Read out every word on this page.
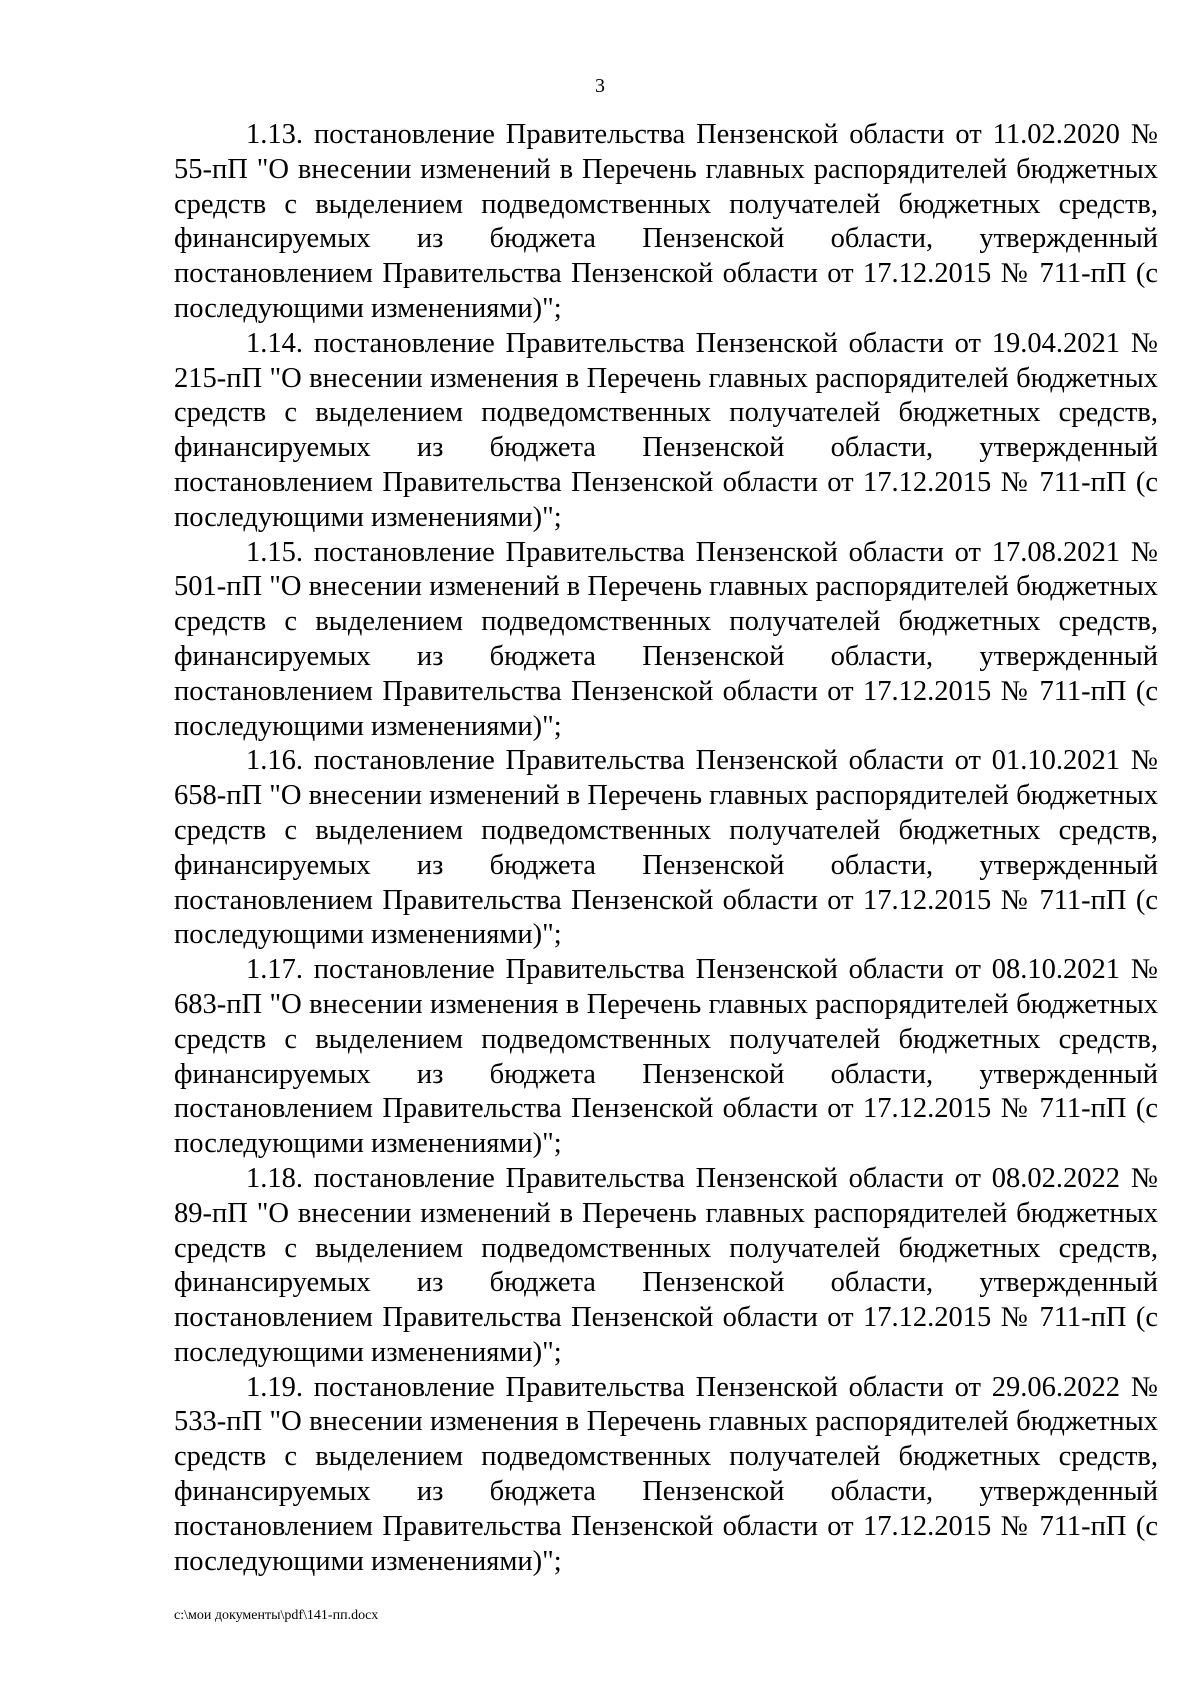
3

1.13. постановление Правительства Пензенской области от 11.02.2020 № 55-пП "О внесении изменений в Перечень главных распорядителей бюджетных средств с выделением подведомственных получателей бюджетных средств, финансируемых из бюджета Пензенской области, утвержденный постановлением Правительства Пензенской области от 17.12.2015 № 711-пП (с последующими изменениями)";

1.14. постановление Правительства Пензенской области от 19.04.2021 № 215-пП "О внесении изменения в Перечень главных распорядителей бюджетных средств с выделением подведомственных получателей бюджетных средств, финансируемых из бюджета Пензенской области, утвержденный постановлением Правительства Пензенской области от 17.12.2015 № 711-пП (с последующими изменениями)";

1.15. постановление Правительства Пензенской области от 17.08.2021 № 501-пП "О внесении изменений в Перечень главных распорядителей бюджетных средств с выделением подведомственных получателей бюджетных средств, финансируемых из бюджета Пензенской области, утвержденный постановлением Правительства Пензенской области от 17.12.2015 № 711-пП (с последующими изменениями)";

1.16. постановление Правительства Пензенской области от 01.10.2021 № 658-пП "О внесении изменений в Перечень главных распорядителей бюджетных средств с выделением подведомственных получателей бюджетных средств, финансируемых из бюджета Пензенской области, утвержденный постановлением Правительства Пензенской области от 17.12.2015 № 711-пП (с последующими изменениями)";

1.17. постановление Правительства Пензенской области от 08.10.2021 № 683-пП "О внесении изменения в Перечень главных распорядителей бюджетных средств с выделением подведомственных получателей бюджетных средств, финансируемых из бюджета Пензенской области, утвержденный постановлением Правительства Пензенской области от 17.12.2015 № 711-пП (с последующими изменениями)";

1.18. постановление Правительства Пензенской области от 08.02.2022 № 89-пП "О внесении изменений в Перечень главных распорядителей бюджетных средств с выделением подведомственных получателей бюджетных средств, финансируемых из бюджета Пензенской области, утвержденный постановлением Правительства Пензенской области от 17.12.2015 № 711-пП (с последующими изменениями)";

1.19. постановление Правительства Пензенской области от 29.06.2022 № 533-пП "О внесении изменения в Перечень главных распорядителей бюджетных средств с выделением подведомственных получателей бюджетных средств, финансируемых из бюджета Пензенской области, утвержденный постановлением Правительства Пензенской области от 17.12.2015 № 711-пП (с последующими изменениями)";

c:\мои документы\pdf\141-пп.docx
